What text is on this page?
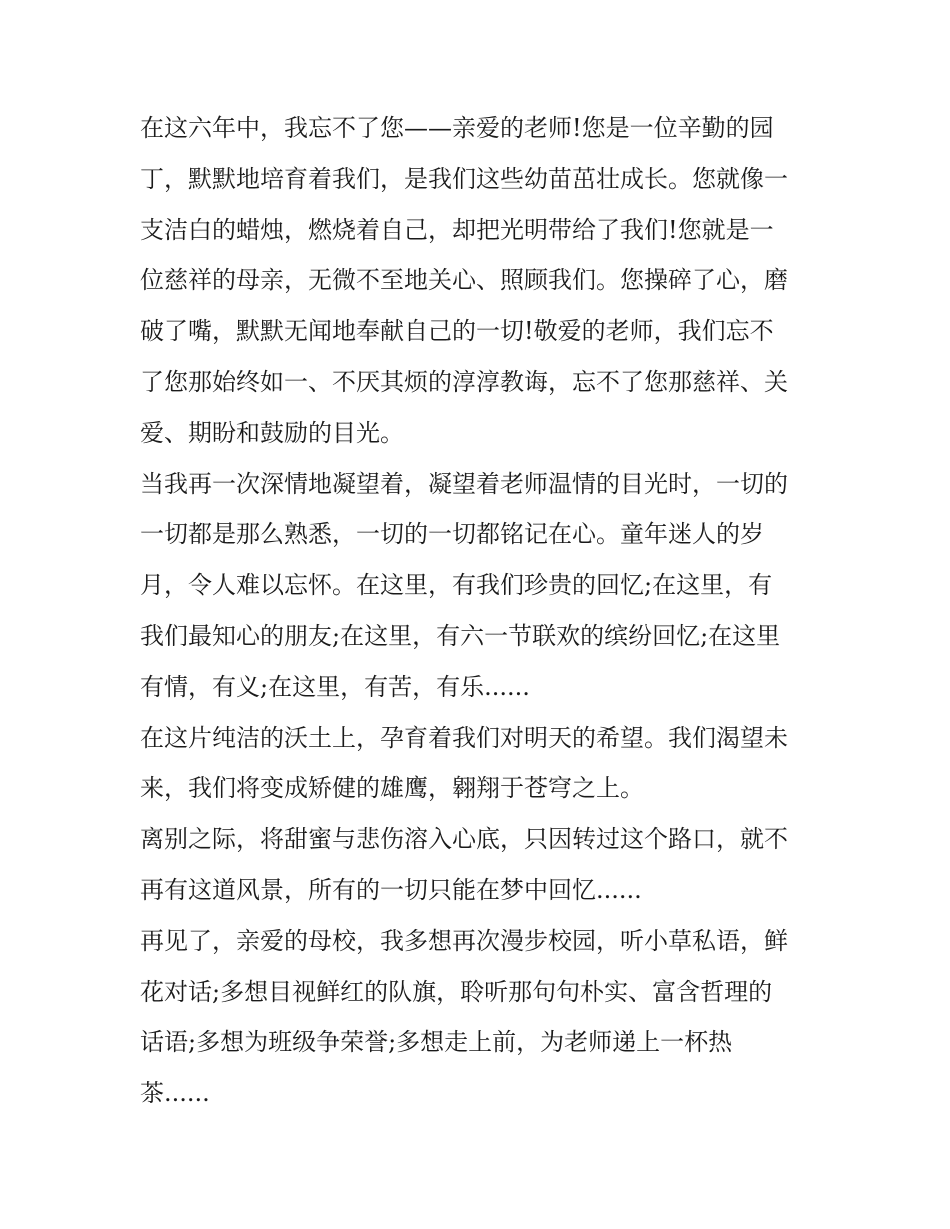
在这六年中，我忘不了您——亲爱的老师!您是一位辛勤的园
丁，默默地培育着我们，是我们这些幼苗茁壮成长。您就像一
支洁白的蜡烛，燃烧着自己，却把光明带给了我们!您就是一
位慈祥的母亲，无微不至地关心、照顾我们。您操碎了心，磨
破了嘴，默默无闻地奉献自己的一切!敬爱的老师，我们忘不
了您那始终如一、不厌其烦的淳淳教诲，忘不了您那慈祥、关
爱、期盼和鼓励的目光。
当我再一次深情地凝望着，凝望着老师温情的目光时，一切的
一切都是那么熟悉，一切的一切都铭记在心。童年迷人的岁
月，令人难以忘怀。在这里，有我们珍贵的回忆;在这里，有
我们最知心的朋友;在这里，有六一节联欢的缤纷回忆;在这里
有情，有义;在这里，有苦，有乐......
在这片纯洁的沃土上，孕育着我们对明天的希望。我们渴望未
来，我们将变成矫健的雄鹰，翱翔于苍穹之上。
离别之际，将甜蜜与悲伤溶入心底，只因转过这个路口，就不
再有这道风景，所有的一切只能在梦中回忆......
再见了，亲爱的母校，我多想再次漫步校园，听小草私语，鲜
花对话;多想目视鲜红的队旗，聆听那句句朴实、富含哲理的
话语;多想为班级争荣誉;多想走上前，为老师递上一杯热
茶......
